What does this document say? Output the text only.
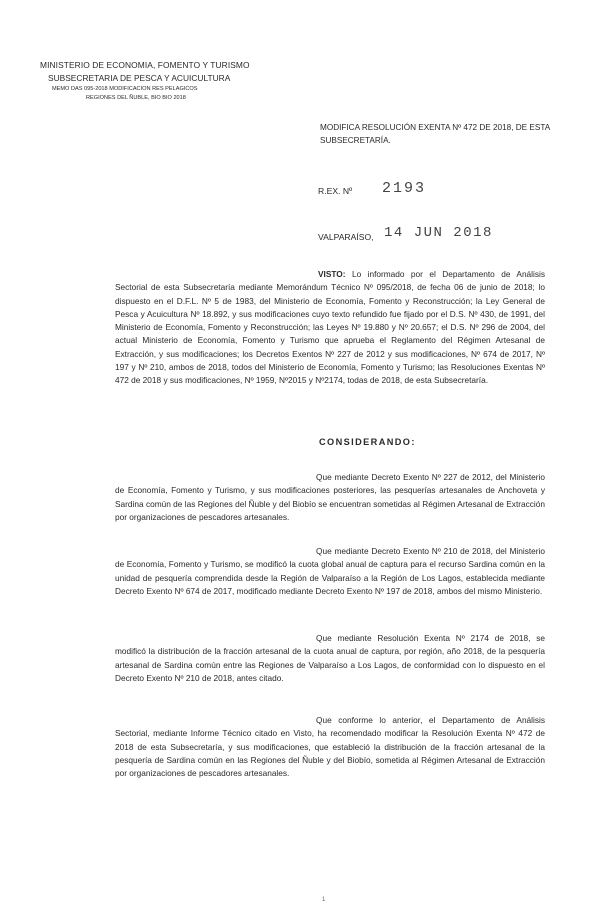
MINISTERIO DE ECONOMIA, FOMENTO Y TURISMO
SUBSECRETARIA DE PESCA Y ACUICULTURA
MEMO DAS 095-2018 MODIFICACION RES PELAGICOS
REGIONES DEL ÑUBLE, BIO BIO 2018
MODIFICA RESOLUCIÓN EXENTA Nº 472 DE 2018, DE ESTA SUBSECRETARÍA.
R.EX. Nº 2193
VALPARAÍSO, 14 JUN 2018

VISTO: Lo informado por el Departamento de Análisis Sectorial de esta Subsecretaría mediante Memorándum Técnico Nº 095/2018, de fecha 06 de junio de 2018; lo dispuesto en el D.F.L. Nº 5 de 1983, del Ministerio de Economía, Fomento y Reconstrucción; la Ley General de Pesca y Acuicultura Nº 18.892, y sus modificaciones cuyo texto refundido fue fijado por el D.S. Nº 430, de 1991, del Ministerio de Economía, Fomento y Reconstrucción; las Leyes Nº 19.880 y Nº 20.657; el D.S. Nº 296 de 2004, del actual Ministerio de Economía, Fomento y Turismo que aprueba el Reglamento del Régimen Artesanal de Extracción, y sus modificaciones; los Decretos Exentos Nº 227 de 2012 y sus modificaciones, Nº 674 de 2017, Nº 197 y Nº 210, ambos de 2018, todos del Ministerio de Economía, Fomento y Turismo; las Resoluciones Exentas Nº 472 de 2018 y sus modificaciones, Nº 1959, Nº2015 y Nº2174, todas de 2018, de esta Subsecretaría.

CONSIDERANDO:

Que mediante Decreto Exento Nº 227 de 2012, del Ministerio de Economía, Fomento y Turismo, y sus modificaciones posteriores, las pesquerías artesanales de Anchoveta y Sardina común de las Regiones del Ñuble y del Biobío se encuentran sometidas al Régimen Artesanal de Extracción por organizaciones de pescadores artesanales.

Que mediante Decreto Exento Nº 210 de 2018, del Ministerio de Economía, Fomento y Turismo, se modificó la cuota global anual de captura para el recurso Sardina común en la unidad de pesquería comprendida desde la Región de Valparaíso a la Región de Los Lagos, establecida mediante Decreto Exento Nº 674 de 2017, modificado mediante Decreto Exento Nº 197 de 2018, ambos del mismo Ministerio.

Que mediante Resolución Exenta Nº 2174 de 2018, se modificó la distribución de la fracción artesanal de la cuota anual de captura, por región, año 2018, de la pesquería artesanal de Sardina común entre las Regiones de Valparaíso a Los Lagos, de conformidad con lo dispuesto en el Decreto Exento Nº 210 de 2018, antes citado.

Que conforme lo anterior, el Departamento de Análisis Sectorial, mediante Informe Técnico citado en Visto, ha recomendado modificar la Resolución Exenta Nº 472 de 2018 de esta Subsecretaría, y sus modificaciones, que estableció la distribución de la fracción artesanal de la pesquería de Sardina común en las Regiones del Ñuble y del Biobío, sometida al Régimen Artesanal de Extracción por organizaciones de pescadores artesanales.

1
